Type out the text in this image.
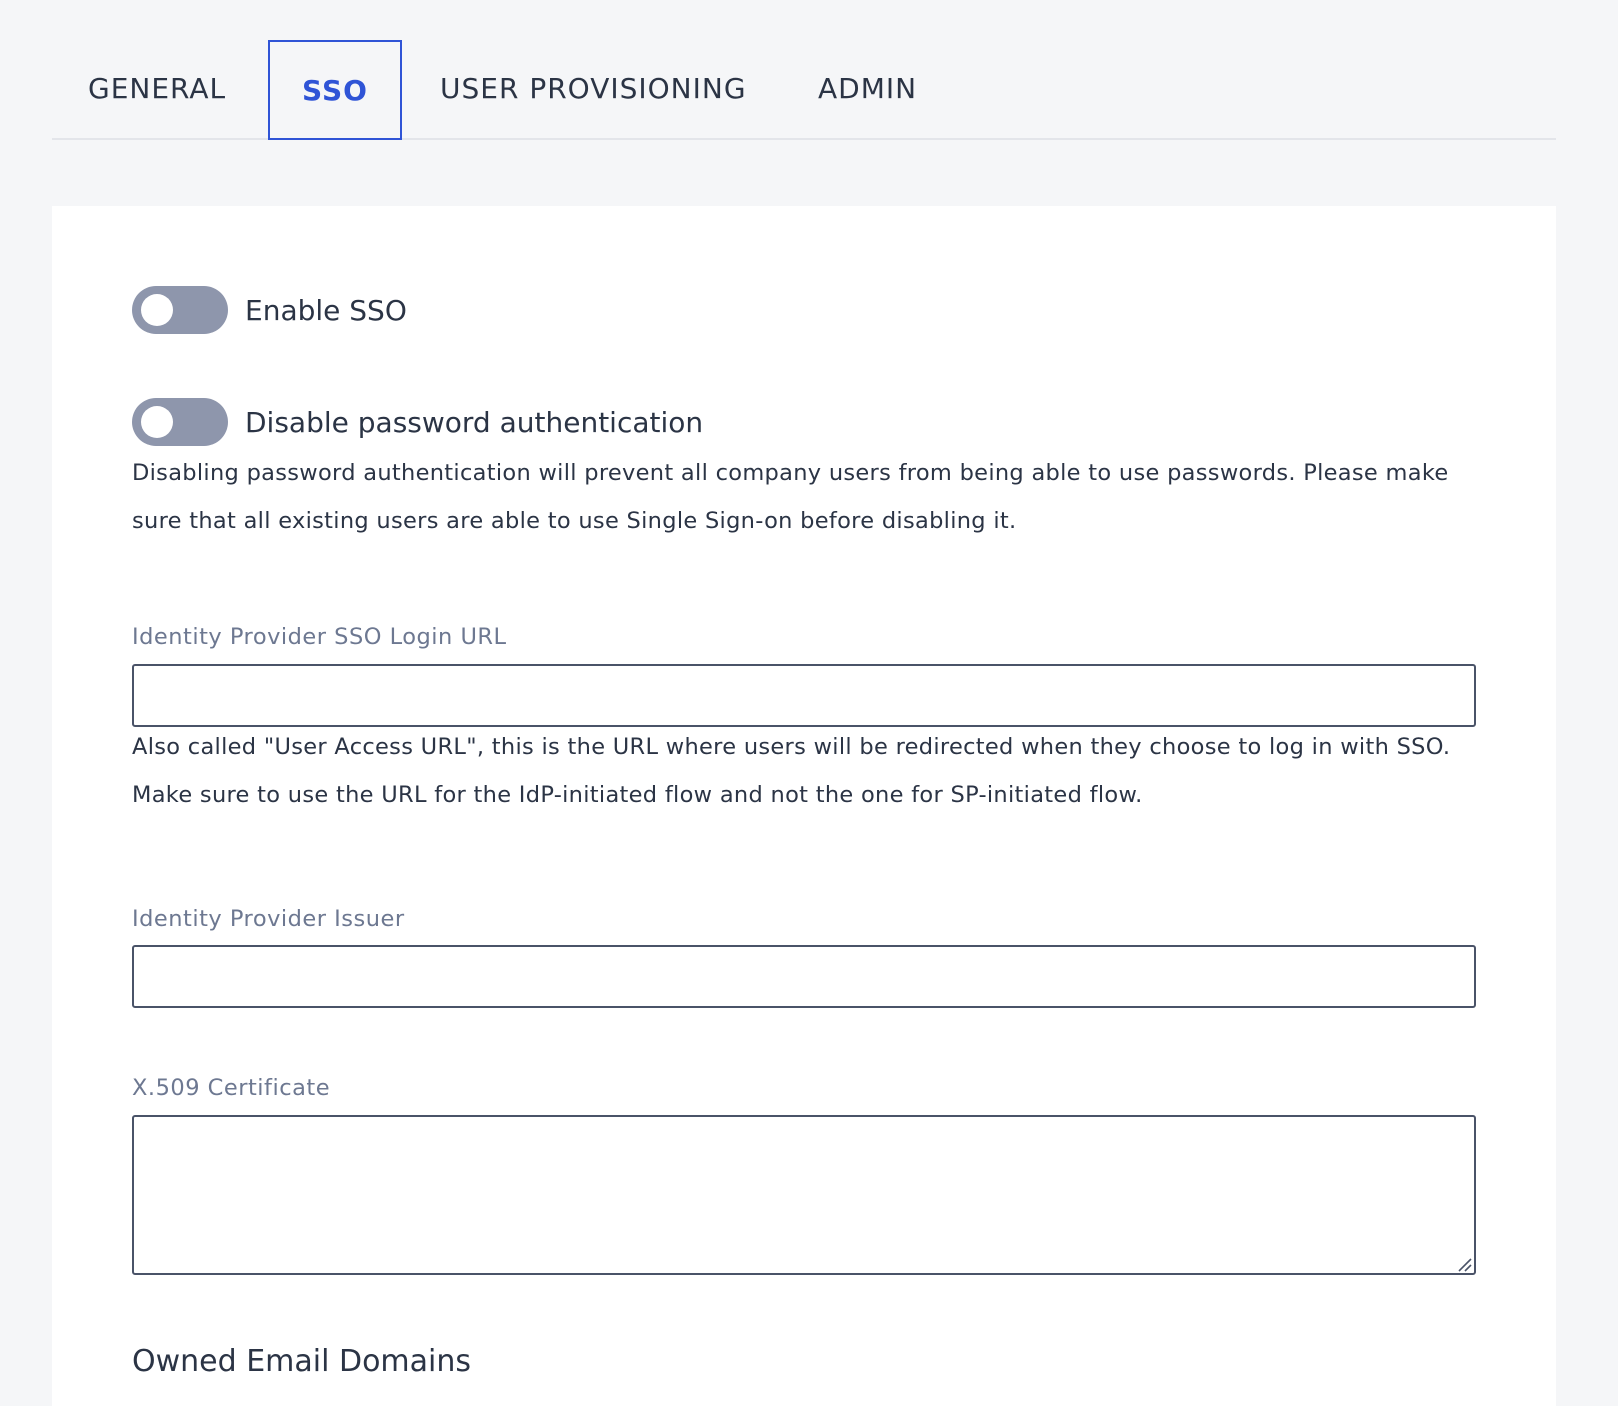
GENERAL	SSO	USER PROVISIONING	ADMIN
Enable SSO
Disable password authentication
Disabling password authentication will prevent all company users from being able to use passwords. Please make sure that all existing users are able to use Single Sign-on before disabling it.
Identity Provider SSO Login URL
Also called "User Access URL", this is the URL where users will be redirected when they choose to log in with SSO. Make sure to use the URL for the IdP-initiated flow and not the one for SP-initiated flow.
Identity Provider Issuer
X.509 Certificate
Owned Email Domains
